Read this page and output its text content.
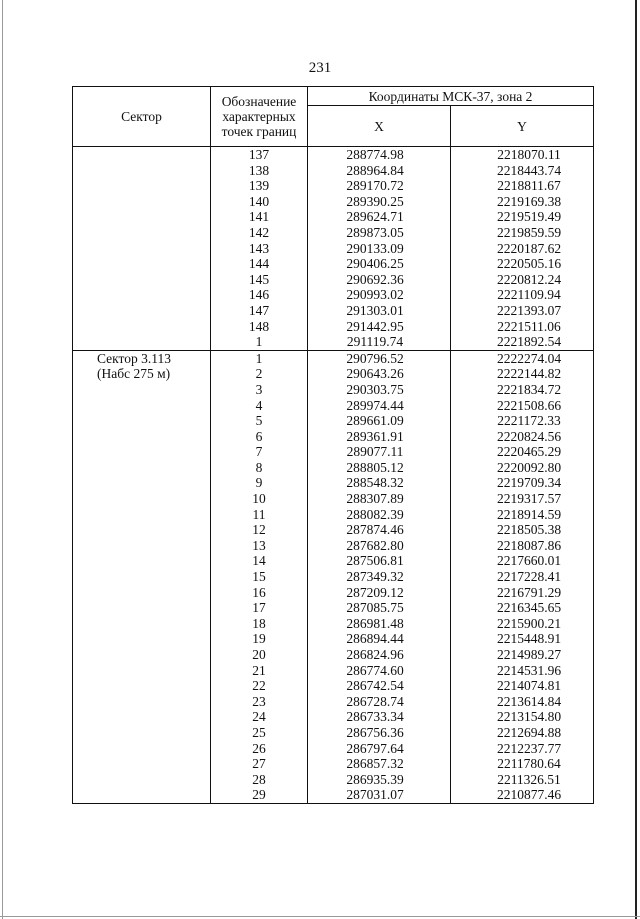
231
Сектор	Обозначение характерных точек границ	Координаты МСК-37, зона 2	
		X	Y
	137	288774.98	2218070.11
	138	288964.84	2218443.74
	139	289170.72	2218811.67
	140	289390.25	2219169.38
	141	289624.71	2219519.49
	142	289873.05	2219859.59
	143	290133.09	2220187.62
	144	290406.25	2220505.16
	145	290692.36	2220812.24
	146	290993.02	2221109.94
	147	291303.01	2221393.07
	148	291442.95	2221511.06
	1	291119.74	2221892.54
Сектор 3.113	1	290796.52	2222274.04
(Набс 275 м)	2	290643.26	2222144.82
	3	290303.75	2221834.72
	4	289974.44	2221508.66
	5	289661.09	2221172.33
	6	289361.91	2220824.56
	7	289077.11	2220465.29
	8	288805.12	2220092.80
	9	288548.32	2219709.34
	10	288307.89	2219317.57
	11	288082.39	2218914.59
	12	287874.46	2218505.38
	13	287682.80	2218087.86
	14	287506.81	2217660.01
	15	287349.32	2217228.41
	16	287209.12	2216791.29
	17	287085.75	2216345.65
	18	286981.48	2215900.21
	19	286894.44	2215448.91
	20	286824.96	2214989.27
	21	286774.60	2214531.96
	22	286742.54	2214074.81
	23	286728.74	2213614.84
	24	286733.34	2213154.80
	25	286756.36	2212694.88
	26	286797.64	2212237.77
	27	286857.32	2211780.64
	28	286935.39	2211326.51
	29	287031.07	2210877.46
